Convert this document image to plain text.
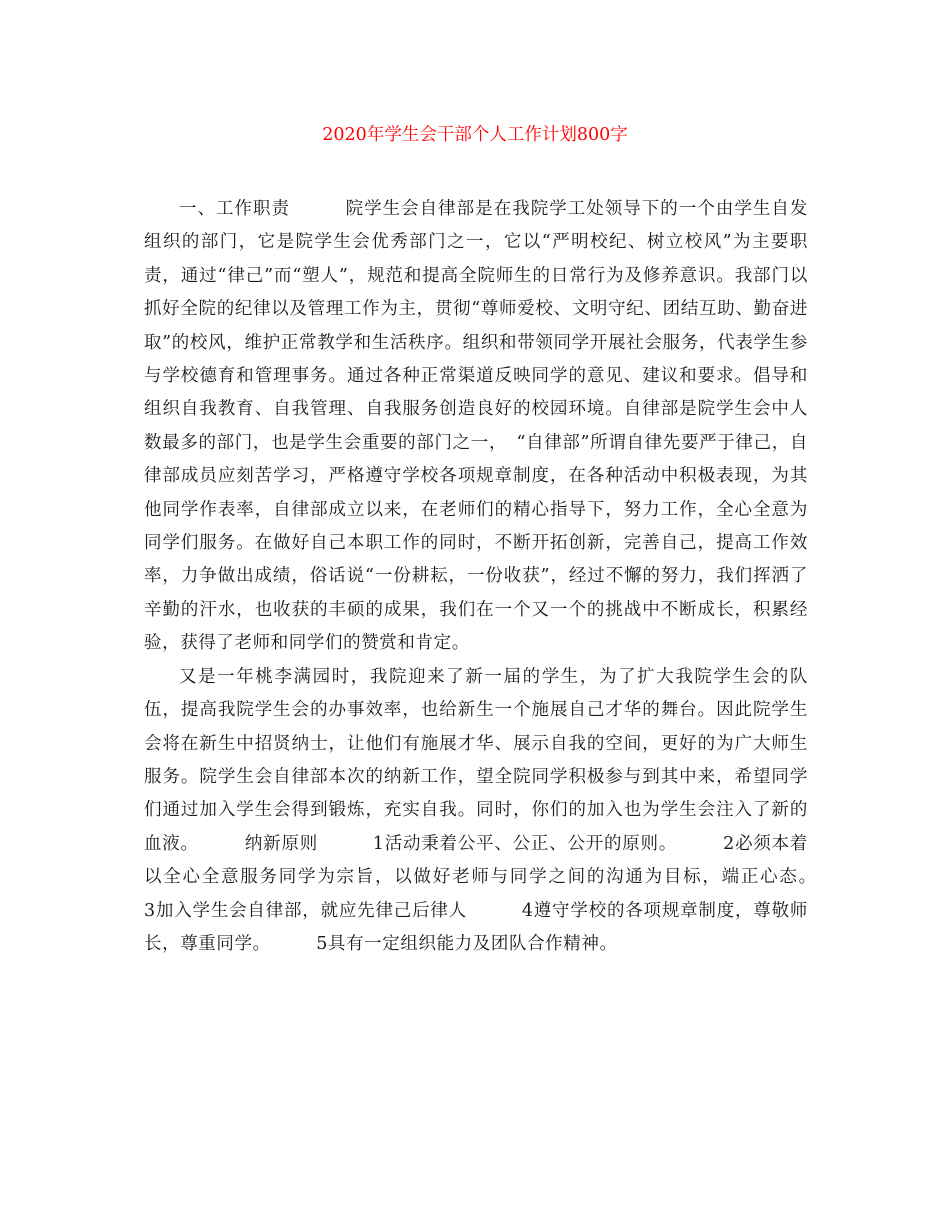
2020年学生会干部个人工作计划800字

一、工作职责　　　院学生会自律部是在我院学工处领导下的一个由学生自发组织的部门，它是院学生会优秀部门之一，它以“严明校纪、树立校风”为主要职责，通过“律己”而“塑人”，规范和提高全院师生的日常行为及修养意识。我部门以抓好全院的纪律以及管理工作为主，贯彻“尊师爱校、文明守纪、团结互助、勤奋进取”的校风，维护正常教学和生活秩序。组织和带领同学开展社会服务，代表学生参与学校德育和管理事务。通过各种正常渠道反映同学的意见、建议和要求。倡导和组织自我教育、自我管理、自我服务创造良好的校园环境。自律部是院学生会中人数最多的部门，也是学生会重要的部门之一，　“自律部”所谓自律先要严于律己，自律部成员应刻苦学习，严格遵守学校各项规章制度，在各种活动中积极表现，为其他同学作表率，自律部成立以来，在老师们的精心指导下，努力工作，全心全意为同学们服务。在做好自己本职工作的同时，不断开拓创新，完善自己，提高工作效率，力争做出成绩，俗话说“一份耕耘，一份收获”，经过不懈的努力，我们挥洒了辛勤的汗水，也收获的丰硕的成果，我们在一个又一个的挑战中不断成长，积累经验，获得了老师和同学们的赞赏和肯定。

又是一年桃李满园时，我院迎来了新一届的学生，为了扩大我院学生会的队伍，提高我院学生会的办事效率，也给新生一个施展自己才华的舞台。因此院学生会将在新生中招贤纳士，让他们有施展才华、展示自我的空间，更好的为广大师生服务。院学生会自律部本次的纳新工作，望全院同学积极参与到其中来，希望同学们通过加入学生会得到锻炼，充实自我。同时，你们的加入也为学生会注入了新的血液。　　　纳新原则　　　1活动秉着公平、公正、公开的原则。　　　2必须本着以全心全意服务同学为宗旨，以做好老师与同学之间的沟通为目标，端正心态。　　　3加入学生会自律部，就应先律己后律人　　　4遵守学校的各项规章制度，尊敬师长，尊重同学。　　　5具有一定组织能力及团队合作精神。
